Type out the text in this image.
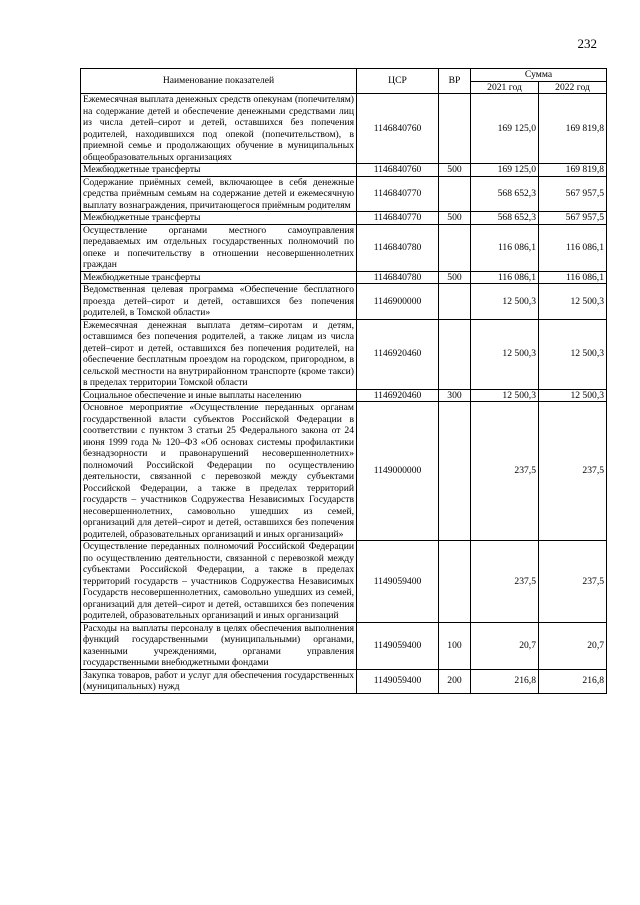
232
Наименование показателей	ЦСР	ВР	Сумма	
			2021 год	2022 год
Ежемесячная выплата денежных средств опекунам (попечителям) на содержание детей и обеспечение денежными средствами лиц из числа детей–сирот и детей, оставшихся без попечения родителей, находившихся под опекой (попечительством), в приемной семье и продолжающих обучение в муниципальных общеобразовательных организациях	1146840760		169 125,0	169 819,8
Межбюджетные трансферты	1146840760	500	169 125,0	169 819,8
Содержание приёмных семей, включающее в себя денежные средства приёмным семьям на содержание детей и ежемесячную выплату вознаграждения, причитающегося приёмным родителям	1146840770		568 652,3	567 957,5
Межбюджетные трансферты	1146840770	500	568 652,3	567 957,5
Осуществление органами местного самоуправления передаваемых им отдельных государственных полномочий по опеке и попечительству в отношении несовершеннолетних граждан	1146840780		116 086,1	116 086,1
Межбюджетные трансферты	1146840780	500	116 086,1	116 086,1
Ведомственная целевая программа «Обеспечение бесплатного проезда детей–сирот и детей, оставшихся без попечения родителей, в Томской области»	1146900000		12 500,3	12 500,3
Ежемесячная денежная выплата детям–сиротам и детям, оставшимся без попечения родителей, а также лицам из числа детей–сирот и детей, оставшихся без попечения родителей, на обеспечение бесплатным проездом на городском, пригородном, в сельской местности на внутрирайонном транспорте (кроме такси) в пределах территории Томской области	1146920460		12 500,3	12 500,3
Социальное обеспечение и иные выплаты населению	1146920460	300	12 500,3	12 500,3
Основное мероприятие «Осуществление переданных органам государственной власти субъектов Российской Федерации в соответствии с пунктом 3 статьи 25 Федерального закона от 24 июня 1999 года № 120–ФЗ «Об основах системы профилактики безнадзорности и правонарушений несовершеннолетних» полномочий Российской Федерации по осуществлению деятельности, связанной с перевозкой между субъектами Российской Федерации, а также в пределах территорий государств – участников Содружества Независимых Государств несовершеннолетних, самовольно ушедших из семей, организаций для детей–сирот и детей, оставшихся без попечения родителей, образовательных организаций и иных организаций»	1149000000		237,5	237,5
Осуществление переданных полномочий Российской Федерации по осуществлению деятельности, связанной с перевозкой между субъектами Российской Федерации, а также в пределах территорий государств – участников Содружества Независимых Государств несовершеннолетних, самовольно ушедших из семей, организаций для детей–сирот и детей, оставшихся без попечения родителей, образовательных организаций и иных организаций	1149059400		237,5	237,5
Расходы на выплаты персоналу в целях обеспечения выполнения функций государственными (муниципальными) органами, казенными учреждениями, органами управления государственными внебюджетными фондами	1149059400	100	20,7	20,7
Закупка товаров, работ и услуг для обеспечения государственных (муниципальных) нужд	1149059400	200	216,8	216,8
